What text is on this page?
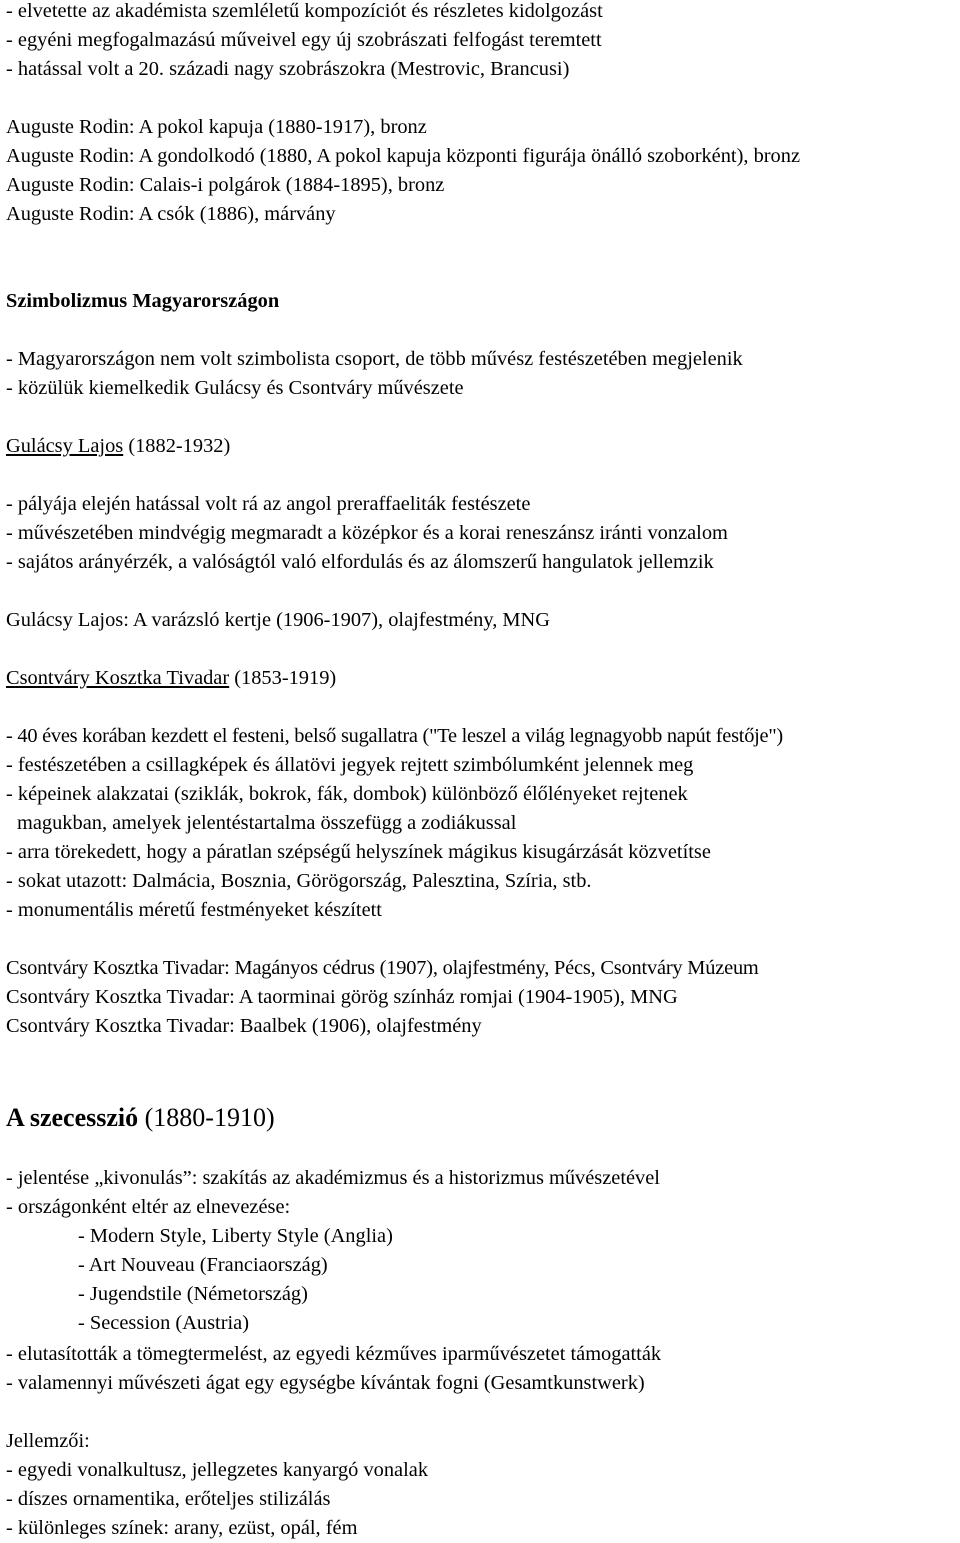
- elvetette az akadémista szemléletű kompozíciót és részletes kidolgozást

- egyéni megfogalmazású műveivel egy új szobrászati felfogást teremtett

- hatással volt a 20. századi nagy szobrászokra (Mestrovic, Brancusi)

Auguste Rodin: A pokol kapuja (1880-1917), bronz

Auguste Rodin: A gondolkodó (1880, A pokol kapuja központi figurája önálló szoborként), bronz

Auguste Rodin: Calais-i polgárok (1884-1895), bronz

Auguste Rodin: A csók (1886), márvány

Szimbolizmus Magyarországon

- Magyarországon nem volt szimbolista csoport, de több művész festészetében megjelenik

- közülük kiemelkedik Gulácsy és Csontváry művészete

Gulácsy Lajos (1882-1932)

- pályája elején hatással volt rá az angol preraffaeliták festészete

- művészetében mindvégig megmaradt a középkor és a korai reneszánsz iránti vonzalom

- sajátos arányérzék, a valóságtól való elfordulás és az álomszerű hangulatok jellemzik

Gulácsy Lajos: A varázsló kertje (1906-1907), olajfestmény, MNG

Csontváry Kosztka Tivadar (1853-1919)

- 40 éves korában kezdett el festeni, belső sugallatra ("Te leszel a világ legnagyobb napút festője")

- festészetében a csillagképek és állatövi jegyek rejtett szimbólumként jelennek meg

- képeinek alakzatai (sziklák, bokrok, fák, dombok) különböző élőlényeket rejtenek

magukban, amelyek jelentéstartalma összefügg a zodiákussal

- arra törekedett, hogy a páratlan szépségű helyszínek mágikus kisugárzását közvetítse

- sokat utazott: Dalmácia, Bosznia, Görögország, Palesztina, Szíria, stb.

- monumentális méretű festményeket készített

Csontváry Kosztka Tivadar: Magányos cédrus (1907), olajfestmény, Pécs, Csontváry Múzeum

Csontváry Kosztka Tivadar: A taorminai görög színház romjai (1904-1905), MNG

Csontváry Kosztka Tivadar: Baalbek (1906), olajfestmény

A szecesszió (1880-1910)

- jelentése „kivonulás”: szakítás az akadémizmus és a historizmus művészetével

- országonként eltér az elnevezése:

- Modern Style, Liberty Style (Anglia)

- Art Nouveau (Franciaország)

- Jugendstile (Németország)

- Secession (Austria)

- elutasították a tömegtermelést, az egyedi kézműves iparművészetet támogatták

- valamennyi művészeti ágat egy egységbe kívántak fogni (Gesamtkunstwerk)

Jellemzői:

- egyedi vonalkultusz, jellegzetes kanyargó vonalak

- díszes ornamentika, erőteljes stilizálás

- különleges színek: arany, ezüst, opál, fém
